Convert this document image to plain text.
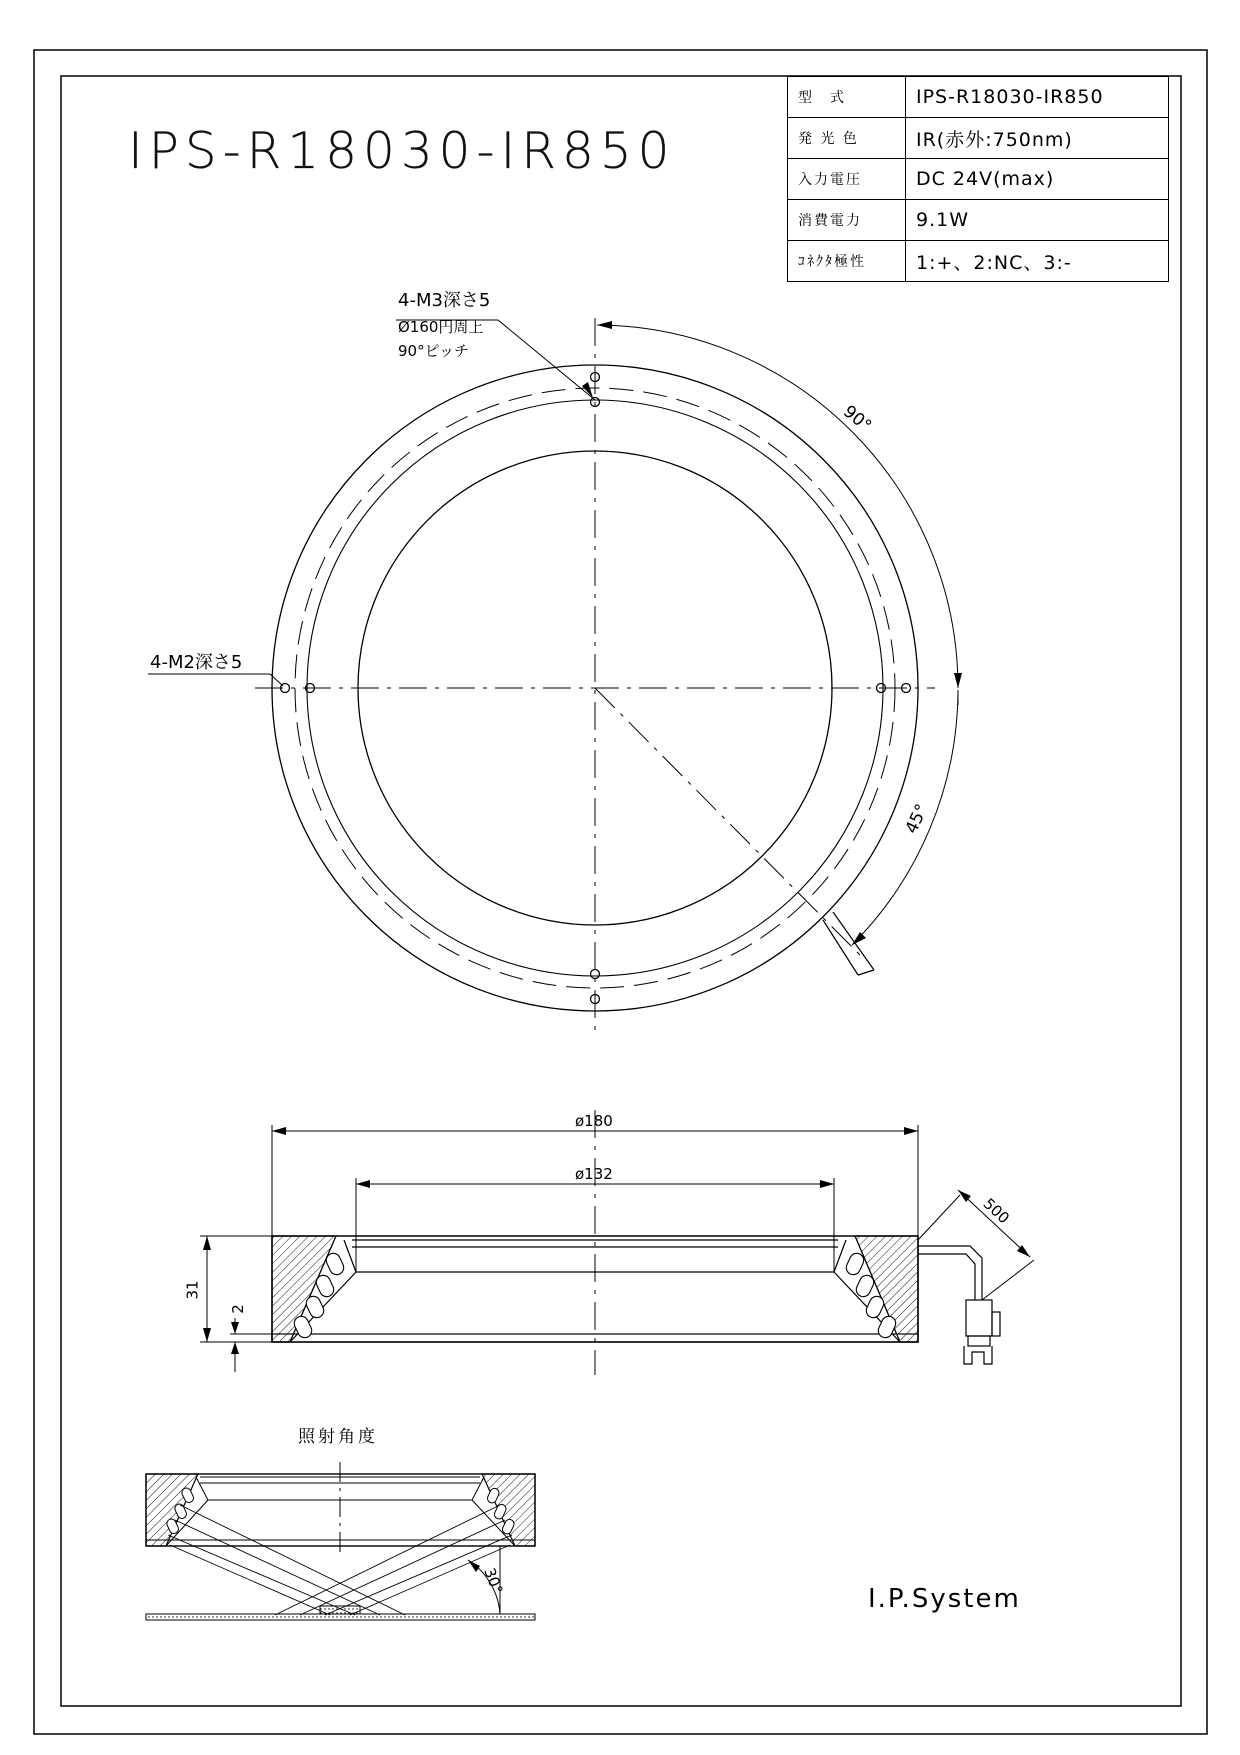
IPS-R18030-IR850
型　式	IPS-R18030-IR850
発 光 色	IR(赤外:750nm)
入力電圧	DC 24V(max)
消費電力	9.1W
ｺﾈｸﾀ極性	1:+、2:NC、3:-
4-M3深さ5
Ø160円周上
90°ピッチ
4-M2深さ5
90°
45°
ø180
ø132
500
31
2
照射角度
30°
I.P.System
